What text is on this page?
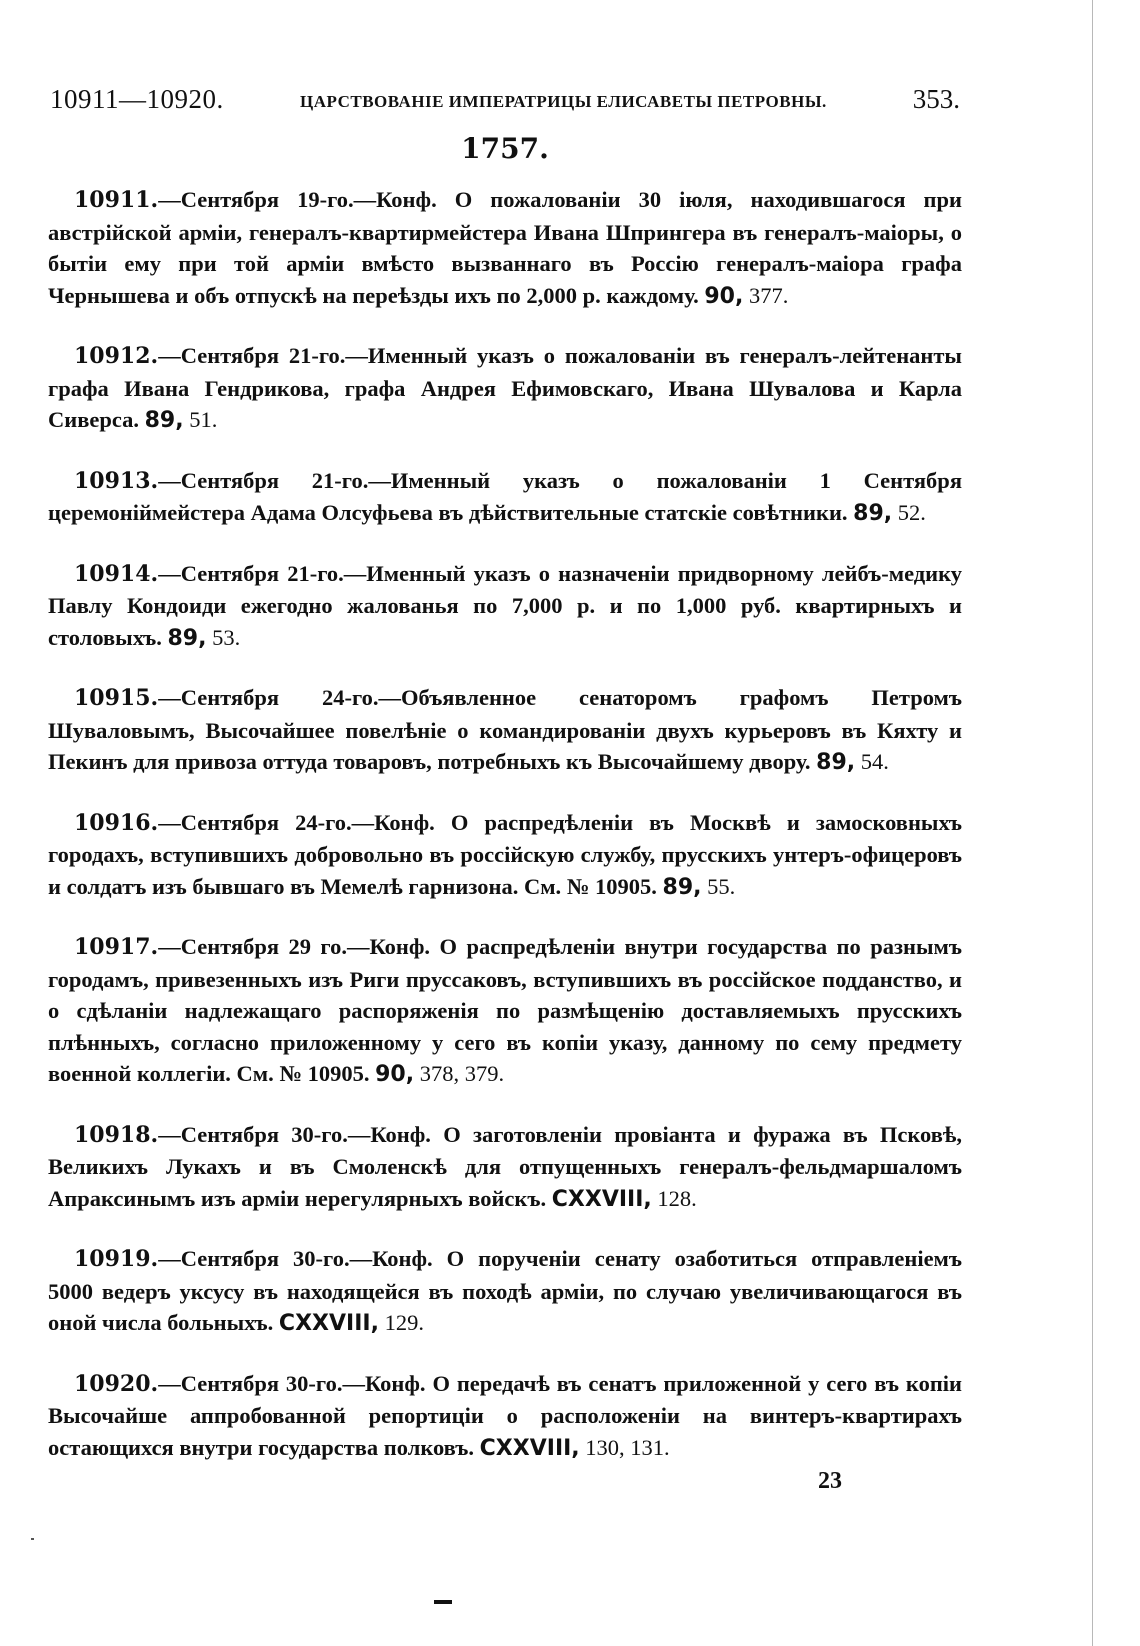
10911—10920.	ЦАРСТВОВАНІЕ ИМПЕРАТРИЦЫ ЕЛИСАВЕТЫ ПЕТРОВНЫ.	353.
1757.

10911.—Сентября 19-го.—Конф. О пожалованіи 30 іюля, находившагося при австрійской арміи, генералъ-квартирмейстера Ивана Шпрингера въ генералъ-маіоры, о бытіи ему при той арміи вмѣсто вызваннаго въ Россію генералъ-маіора графа Чернышева и объ отпускѣ на переѣзды ихъ по 2,000 р. каждому. 90, 377.

10912.—Сентября 21-го.—Именный указъ о пожалованіи въ генералъ-лейтенанты графа Ивана Гендрикова, графа Андрея Ефимовскаго, Ивана Шувалова и Карла Сиверса. 89, 51.

10913.—Сентября 21-го.—Именный указъ о пожалованіи 1 Сентября церемоніймейстера Адама Олсуфьева въ дѣйствительные статскіе совѣтники. 89, 52.

10914.—Сентября 21-го.—Именный указъ о назначеніи придворному лейбъ-медику Павлу Кондоиди ежегодно жалованья по 7,000 р. и по 1,000 руб. квартирныхъ и столовыхъ. 89, 53.

10915.—Сентября 24-го.—Объявленное сенаторомъ графомъ Петромъ Шуваловымъ, Высочайшее повелѣніе о командированіи двухъ курьеровъ въ Кяхту и Пекинъ для привоза оттуда товаровъ, потребныхъ къ Высочайшему двору. 89, 54.

10916.—Сентября 24-го.—Конф. О распредѣленіи въ Москвѣ и замосковныхъ городахъ, вступившихъ добровольно въ россійскую службу, прусскихъ унтеръ-офицеровъ и солдатъ изъ бывшаго въ Мемелѣ гарнизона. См. № 10905. 89, 55.

10917.—Сентября 29 го.—Конф. О распредѣленіи внутри государства по разнымъ городамъ, привезенныхъ изъ Риги пруссаковъ, вступившихъ въ россійское подданство, и о сдѣланіи надлежащаго распоряженія по размѣщенію доставляемыхъ прусскихъ плѣнныхъ, согласно приложенному у сего въ копіи указу, данному по сему предмету военной коллегіи. См. № 10905. 90, 378, 379.

10918.—Сентября 30-го.—Конф. О заготовленіи провіанта и фуража въ Псковѣ, Великихъ Лукахъ и въ Смоленскѣ для отпущенныхъ генералъ-фельдмаршаломъ Апраксинымъ изъ арміи нерегулярныхъ войскъ. CXXVIII, 128.

10919.—Сентября 30-го.—Конф. О порученіи сенату озаботиться отправленіемъ 5000 ведеръ уксусу въ находящейся въ походѣ арміи, по случаю увеличивающагося въ оной числа больныхъ. CXXVIII, 129.

10920.—Сентября 30-го.—Конф. О передачѣ въ сенатъ приложенной у сего въ копіи Высочайше аппробованной репортиціи о расположеніи на винтеръ-квартирахъ остающихся внутри государства полковъ. CXXVIII, 130, 131.

23
